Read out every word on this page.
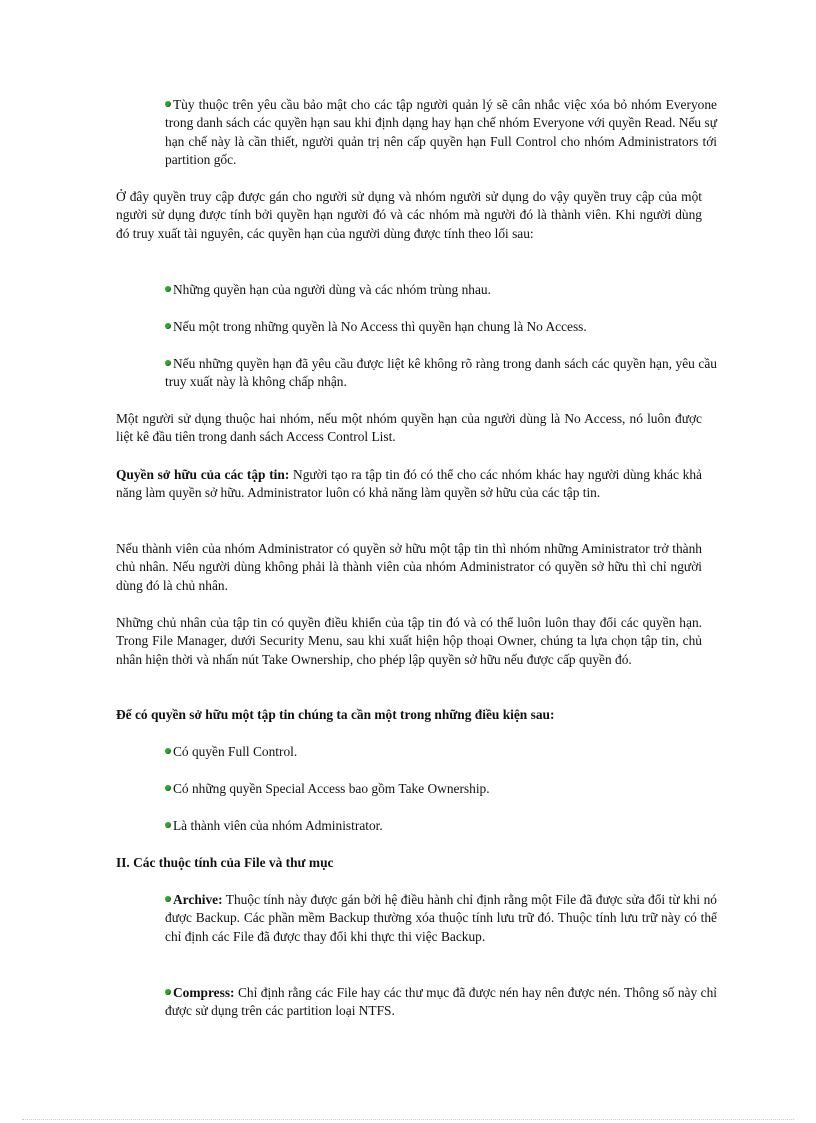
Tùy thuộc trên yêu cầu bảo mật cho các tập người quản lý sẽ cân nhắc việc xóa bỏ nhóm Everyone trong danh sách các quyền hạn sau khi định dạng hay hạn chế nhóm Everyone với quyền Read. Nếu sự hạn chế này là cần thiết, người quản trị nên cấp quyền hạn Full Control cho nhóm Administrators tới partition gốc.

Ở đây quyền truy cập được gán cho người sử dụng và nhóm người sử dụng do vậy quyền truy cập của một người sử dụng được tính bởi quyền hạn người đó và các nhóm mà người đó là thành viên. Khi người dùng đó truy xuất tài nguyên, các quyền hạn của người dùng được tính theo lối sau:

Những quyền hạn của người dùng và các nhóm trùng nhau.

Nếu một trong những quyền là No Access thì quyền hạn chung là No Access.

Nếu những quyền hạn đã yêu cầu được liệt kê không rõ ràng trong danh sách các quyền hạn, yêu cầu truy xuất này là không chấp nhận.

Một người sử dụng thuộc hai nhóm, nếu một nhóm quyền hạn của người dùng là No Access, nó luôn được liệt kê đầu tiên trong danh sách Access Control List.

Quyền sở hữu của các tập tin: Người tạo ra tập tin đó có thể cho các nhóm khác hay người dùng khác khả năng làm quyền sở hữu. Administrator luôn có khả năng làm quyền sở hữu của các tập tin.

Nếu thành viên của nhóm Administrator có quyền sở hữu một tập tin thì nhóm những Aministrator trở thành chủ nhân. Nếu người dùng không phải là thành viên của nhóm Administrator có quyền sở hữu thì chỉ người dùng đó là chủ nhân.

Những chủ nhân của tập tin có quyền điều khiển của tập tin đó và có thể luôn luôn thay đổi các quyền hạn. Trong File Manager, dưới Security Menu, sau khi xuất hiện hộp thoại Owner, chúng ta lựa chọn tập tin, chủ nhân hiện thời và nhấn nút Take Ownership, cho phép lập quyền sở hữu nếu được cấp quyền đó.

Để có quyền sở hữu một tập tin chúng ta cần một trong những điều kiện sau:

Có quyền Full Control.

Có những quyền Special Access bao gồm Take Ownership.

Là thành viên của nhóm Administrator.

II. Các thuộc tính của File và thư mục

Archive: Thuộc tính này được gán bởi hệ điều hành chỉ định rằng một File đã được sửa đổi từ khi nó được Backup. Các phần mềm Backup thường xóa thuộc tính lưu trữ đó. Thuộc tính lưu trữ này có thể chỉ định các File đã được thay đổi khi thực thi việc Backup.

Compress: Chỉ định rằng các File hay các thư mục đã được nén hay nên được nén. Thông số này chỉ được sử dụng trên các partition loại NTFS.
